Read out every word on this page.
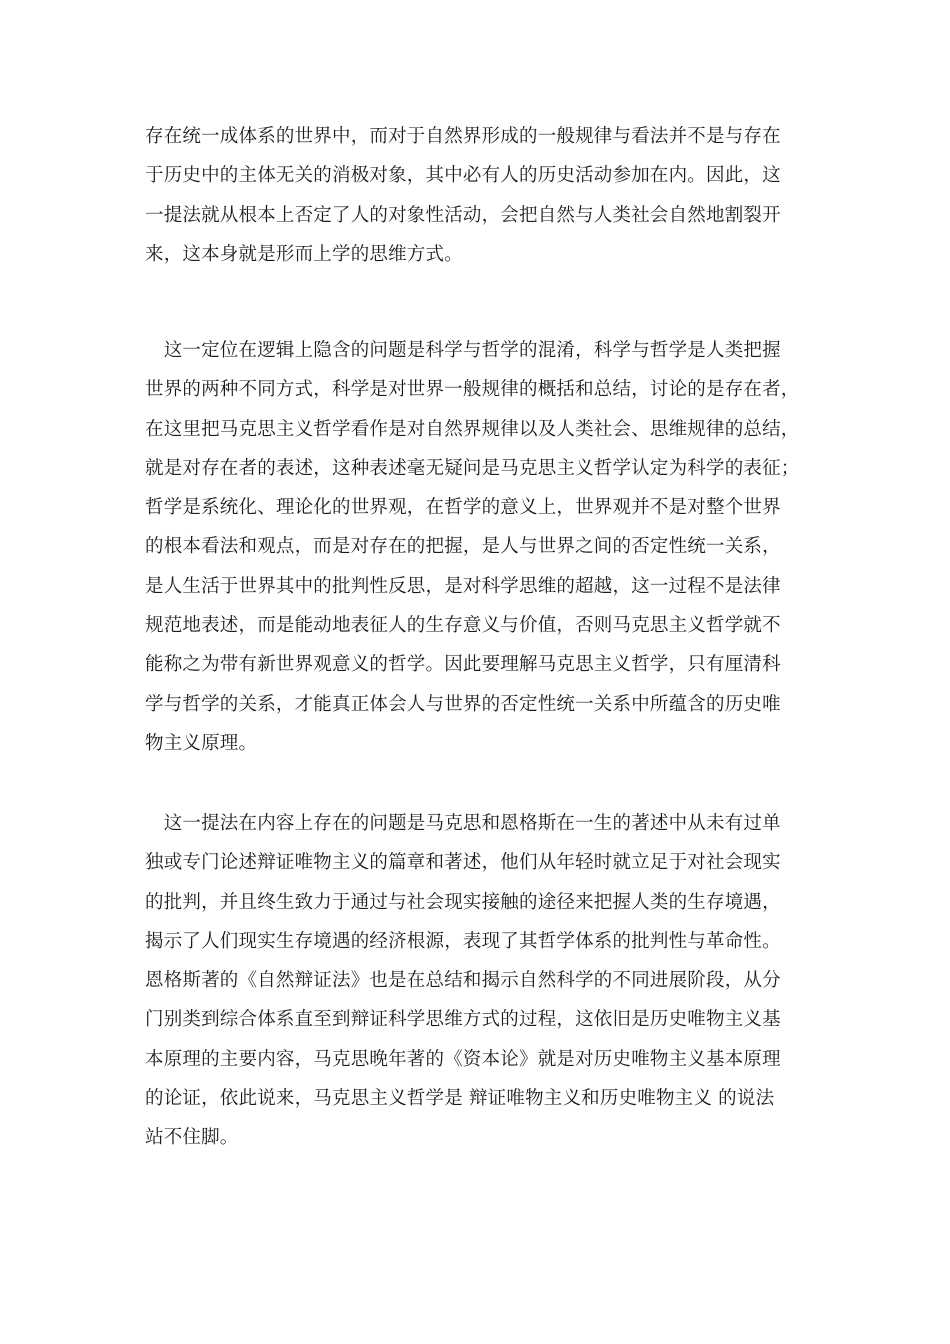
存在统一成体系的世界中，而对于自然界形成的一般规律与看法并不是与存在
于历史中的主体无关的消极对象，其中必有人的历史活动参加在内。因此，这
一提法就从根本上否定了人的对象性活动，会把自然与人类社会自然地割裂开
来，这本身就是形而上学的思维方式。
　这一定位在逻辑上隐含的问题是科学与哲学的混淆，科学与哲学是人类把握
世界的两种不同方式，科学是对世界一般规律的概括和总结，讨论的是存在者，
在这里把马克思主义哲学看作是对自然界规律以及人类社会、思维规律的总结，
就是对存在者的表述，这种表述毫无疑问是马克思主义哲学认定为科学的表征；
哲学是系统化、理论化的世界观，在哲学的意义上，世界观并不是对整个世界
的根本看法和观点，而是对存在的把握，是人与世界之间的否定性统一关系，
是人生活于世界其中的批判性反思，是对科学思维的超越，这一过程不是法律
规范地表述，而是能动地表征人的生存意义与价值，否则马克思主义哲学就不
能称之为带有新世界观意义的哲学。因此要理解马克思主义哲学，只有厘清科
学与哲学的关系，才能真正体会人与世界的否定性统一关系中所蕴含的历史唯
物主义原理。
　这一提法在内容上存在的问题是马克思和恩格斯在一生的著述中从未有过单
独或专门论述辩证唯物主义的篇章和著述，他们从年轻时就立足于对社会现实
的批判，并且终生致力于通过与社会现实接触的途径来把握人类的生存境遇，
揭示了人们现实生存境遇的经济根源，表现了其哲学体系的批判性与革命性。
恩格斯著的《自然辩证法》也是在总结和揭示自然科学的不同进展阶段，从分
门别类到综合体系直至到辩证科学思维方式的过程，这依旧是历史唯物主义基
本原理的主要内容，马克思晚年著的《资本论》就是对历史唯物主义基本原理
的论证，依此说来，马克思主义哲学是 辩证唯物主义和历史唯物主义 的说法
站不住脚。
